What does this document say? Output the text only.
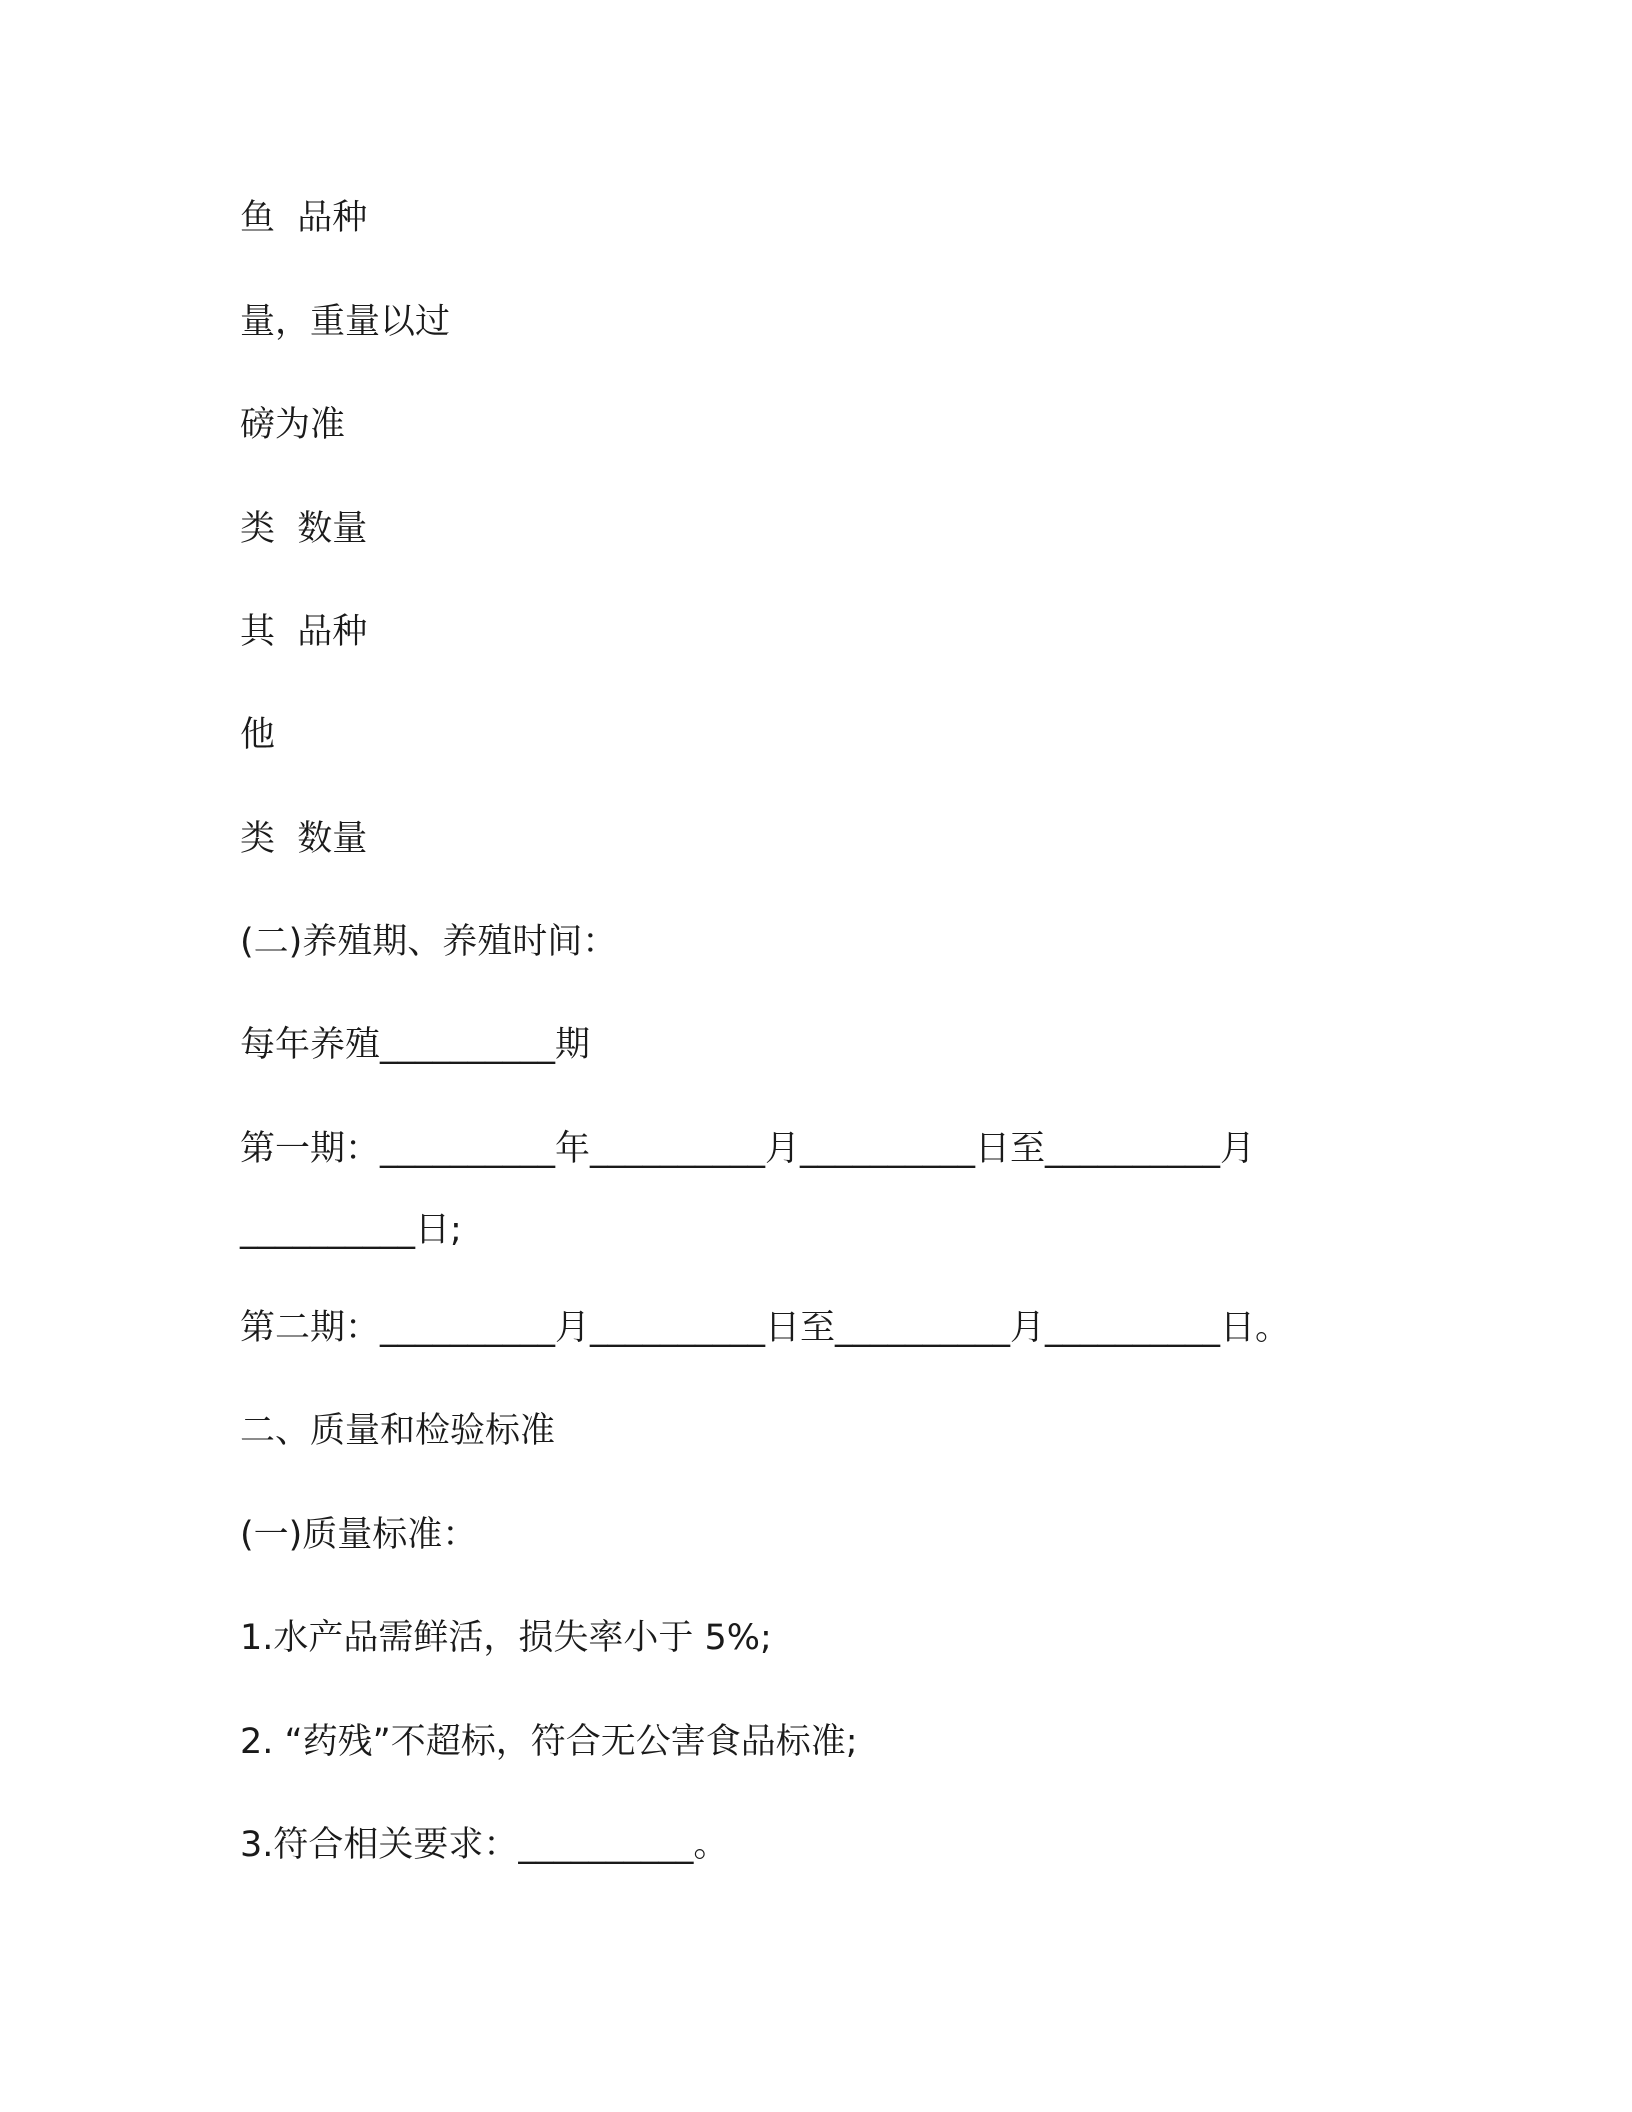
鱼  品种
量，重量以过
磅为准
类  数量
其  品种
他
类  数量
(二)养殖期、养殖时间：
每年养殖__________期
第一期：__________年__________月__________日至__________月
__________日;
第二期：__________月__________日至__________月__________日。
二、质量和检验标准
(一)质量标准：
1.水产品需鲜活，损失率小于 5%;
2. “药残”不超标，符合无公害食品标准;
3.符合相关要求：__________。
